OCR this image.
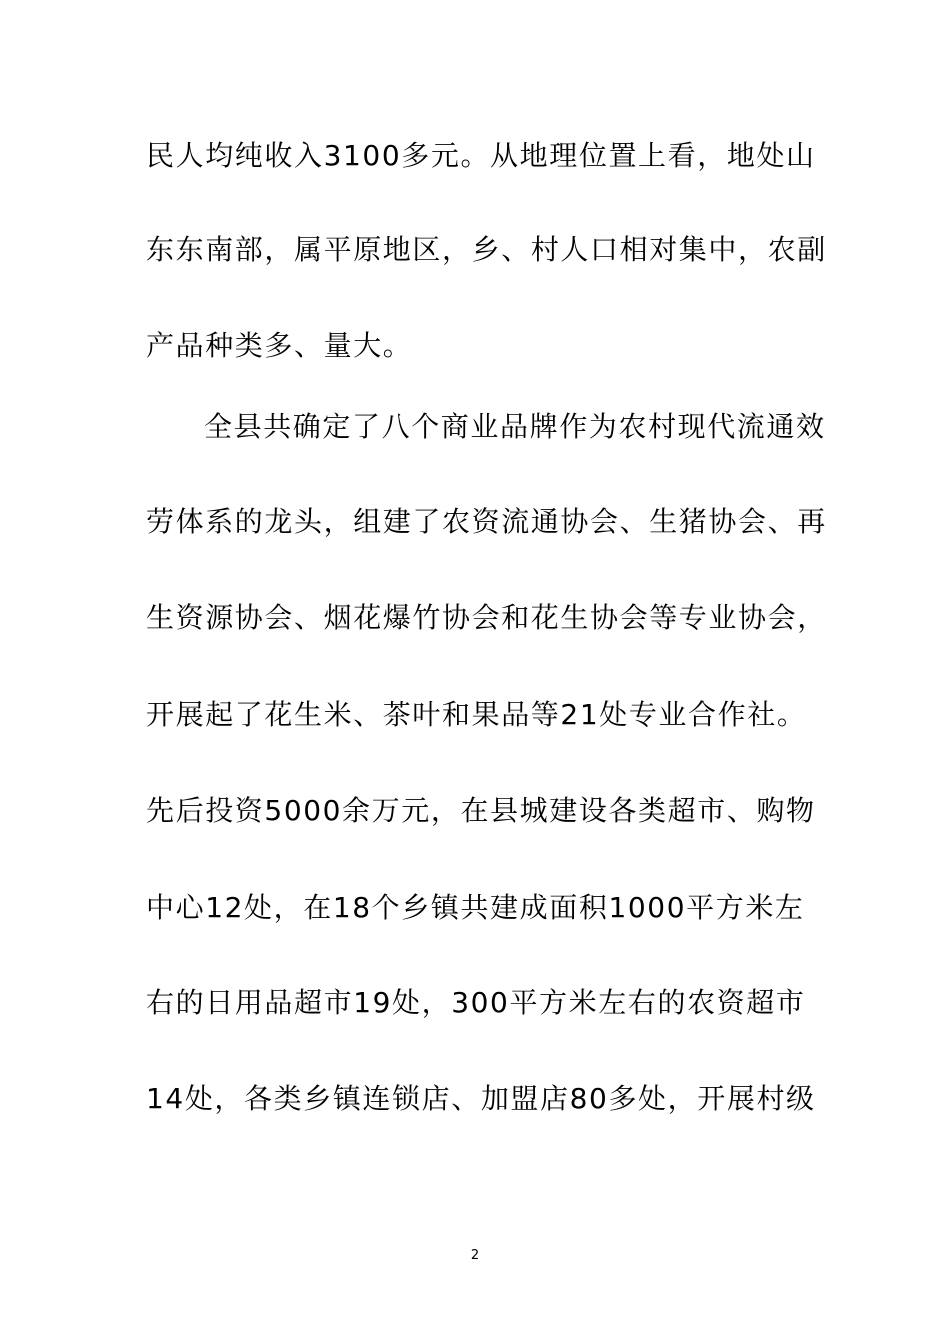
民人均纯收入3100多元。从地理位置上看，地处山
东东南部，属平原地区，乡、村人口相对集中，农副
产品种类多、量大。
全县共确定了八个商业品牌作为农村现代流通效
劳体系的龙头，组建了农资流通协会、生猪协会、再
生资源协会、烟花爆竹协会和花生协会等专业协会，
开展起了花生米、茶叶和果品等21处专业合作社。
先后投资5000余万元，在县城建设各类超市、购物
中心12处，在18个乡镇共建成面积1000平方米左
右的日用品超市19处，300平方米左右的农资超市
14处，各类乡镇连锁店、加盟店80多处，开展村级
2
